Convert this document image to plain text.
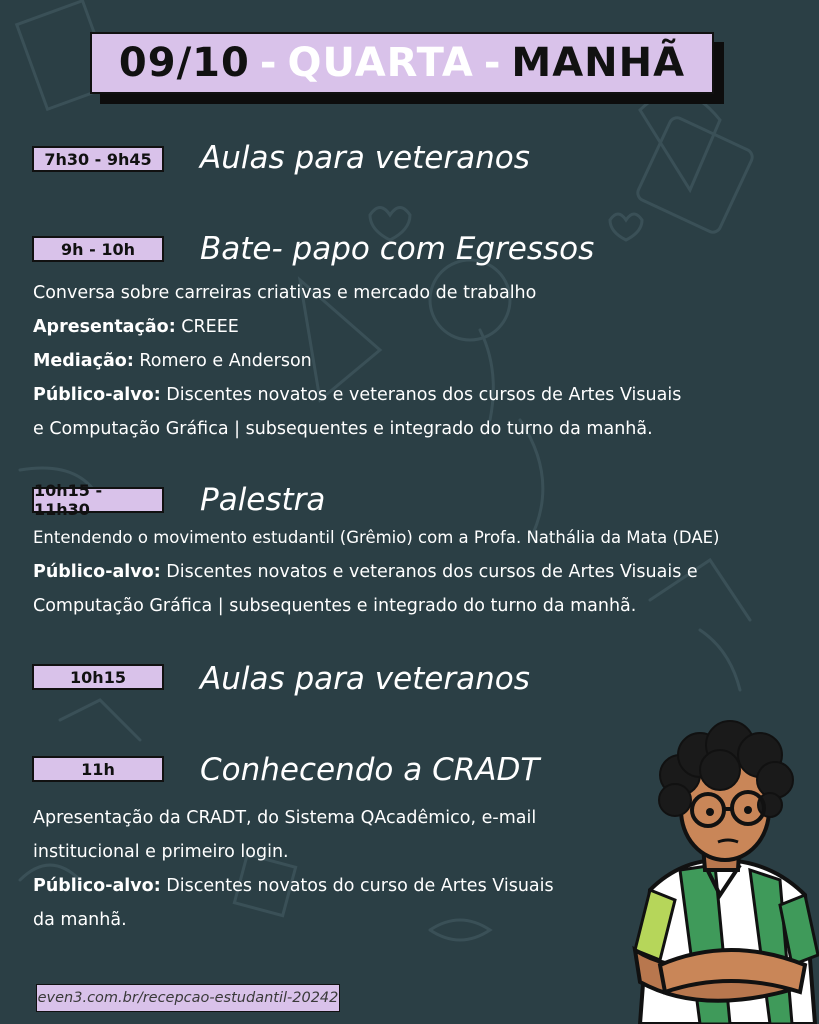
09/10 - QUARTA - MANHÃ
7h30 - 9h45	Aulas para veteranos
9h - 10h	Bate- papo com Egressos
Conversa sobre carreiras criativas e mercado de trabalho
Apresentação: CREEE
Mediação: Romero e Anderson
Público-alvo: Discentes novatos e veteranos dos cursos de Artes Visuais
e Computação Gráfica | subsequentes e integrado do turno da manhã.
10h15 - 11h30	Palestra
Entendendo o movimento estudantil (Grêmio) com a Profa. Nathália da Mata (DAE)
Público-alvo: Discentes novatos e veteranos dos cursos de Artes Visuais e
Computação Gráfica | subsequentes e integrado do turno da manhã.
10h15	Aulas para veteranos
11h	Conhecendo a CRADT
Apresentação da CRADT, do Sistema QAcadêmico, e-mail
institucional e primeiro login.
Público-alvo: Discentes novatos do curso de Artes Visuais
da manhã.
even3.com.br/recepcao-estudantil-20242
